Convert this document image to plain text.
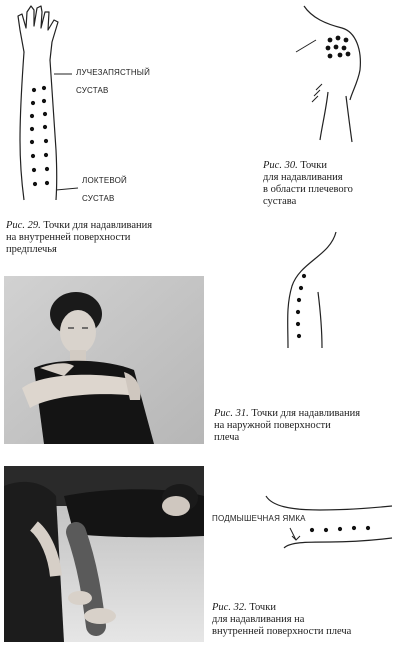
ЛУЧЕЗАПЯСТНЫЙ
СУСТАВ
ЛОКТЕВОЙ
СУСТАВ
Рис. 29. Точки для надавливания
на внутренней поверхности
предплечья
Рис. 30. Точки
для надавливания
в области плечевого
сустава
Рис. 31. Точки для надавливания
на наружной поверхности
плеча
ПОДМЫШЕЧНАЯ ЯМКА
Рис. 32. Точки
для надавливания на
внутренней поверхности плеча
